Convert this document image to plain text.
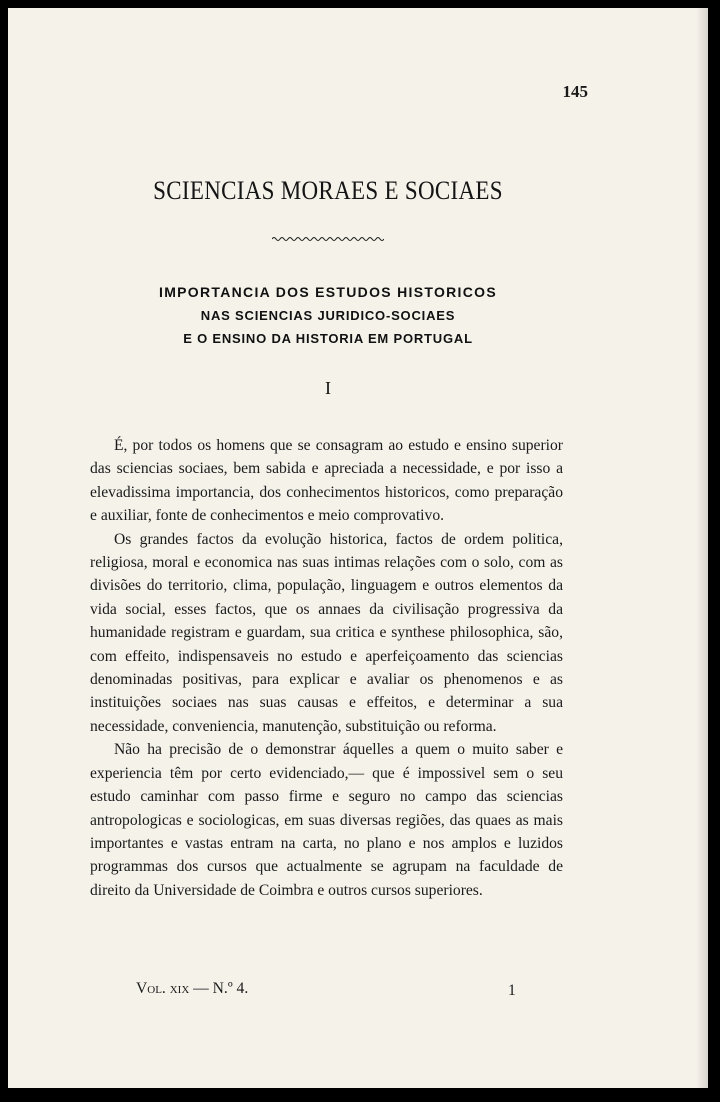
145
SCIENCIAS MORAES E SOCIAES
IMPORTANCIA DOS ESTUDOS HISTORICOS
NAS SCIENCIAS JURIDICO-SOCIAES
E O ENSINO DA HISTORIA EM PORTUGAL
I

É, por todos os homens que se consagram ao estudo e ensino superior das sciencias sociaes, bem sabida e apreciada a necessidade, e por isso a elevadissima importancia, dos conhecimentos historicos, como preparação e auxiliar, fonte de conhecimentos e meio comprovativo.

Os grandes factos da evolução historica, factos de ordem politica, religiosa, moral e economica nas suas intimas relações com o solo, com as divisões do territorio, clima, população, linguagem e outros elementos da vida social, esses factos, que os annaes da civilisação progressiva da humanidade registram e guardam, sua critica e synthese philosophica, são, com effeito, indispensaveis no estudo e aperfeiçoamento das sciencias denominadas positivas, para explicar e avaliar os phenomenos e as instituições sociaes nas suas causas e effeitos, e determinar a sua necessidade, conveniencia, manutenção, substituição ou reforma.

Não ha precisão de o demonstrar áquelles a quem o muito saber e experiencia têm por certo evidenciado,— que é impossivel sem o seu estudo caminhar com passo firme e seguro no campo das sciencias antropologicas e sociologicas, em suas diversas regiões, das quaes as mais importantes e vastas entram na carta, no plano e nos amplos e luzidos programmas dos cursos que actualmente se agrupam na faculdade de direito da Universidade de Coimbra e outros cursos superiores.

Vol. xix — N.º 4.	1
